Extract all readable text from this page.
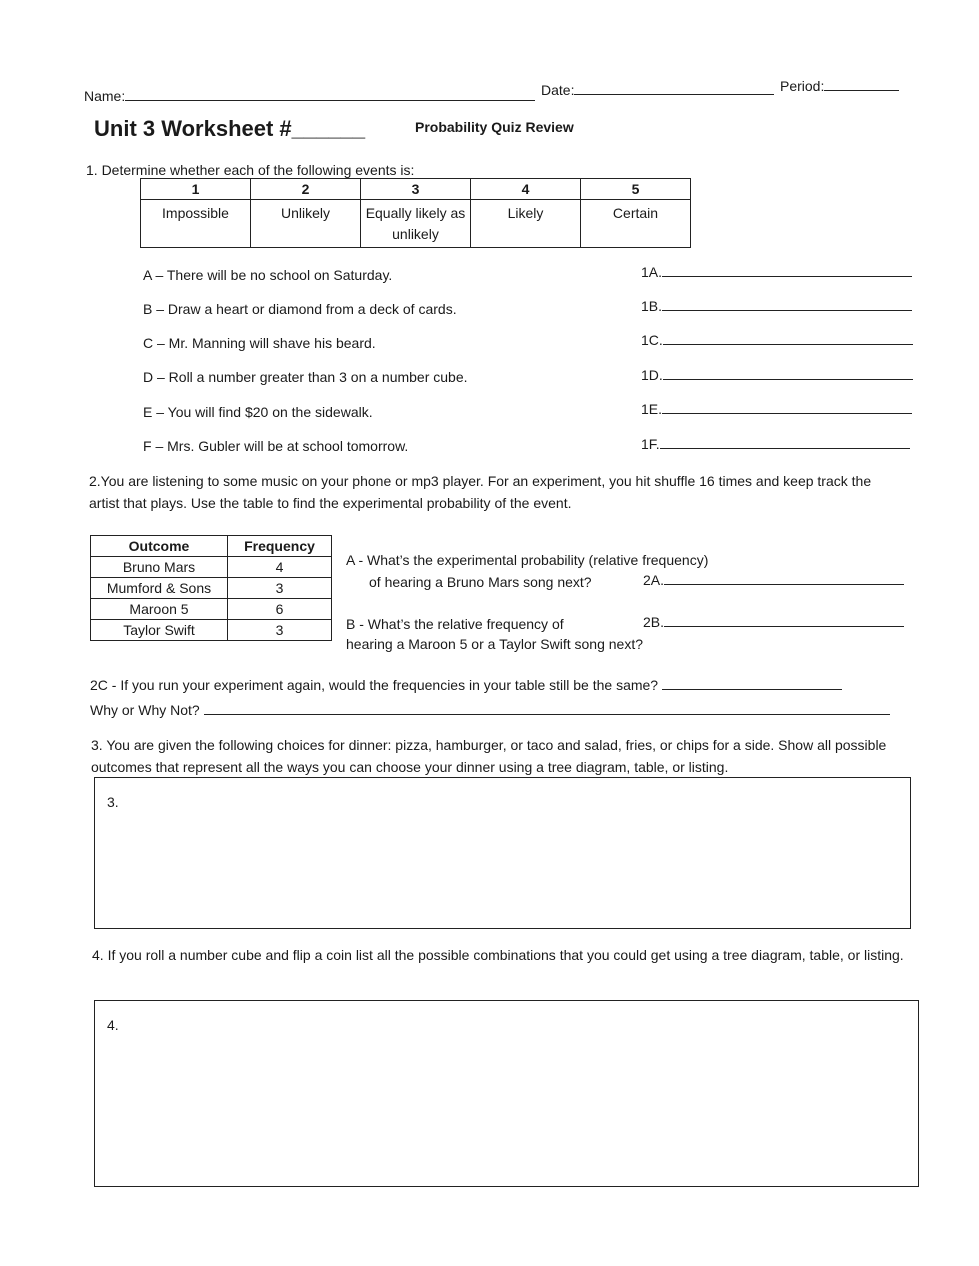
Name:	Date:	Period:
Unit 3 Worksheet #______	Probability Quiz Review
1. Determine whether each of the following events is:
1	2	3	4	5
Impossible	Unlikely	Equally likely as unlikely	Likely	Certain
A – There will be no school on Saturday.
B – Draw a heart or diamond from a deck of cards.
C – Mr. Manning will shave his beard.
D – Roll a number greater than 3 on a number cube.
E – You will find $20 on the sidewalk.
F – Mrs. Gubler will be at school tomorrow.
1A.
1B.
1C.
1D.
1E.
1F.
2.You are listening to some music on your phone or mp3 player. For an experiment, you hit shuffle 16 times and keep track the artist that plays. Use the table to find the experimental probability of the event.
Outcome	Frequency
Bruno Mars	4
Mumford & Sons	3
Maroon 5	6
Taylor Swift	3
A - What’s the experimental probability (relative frequency)
of hearing a Bruno Mars song next?	2A.
B - What’s the relative frequency of	2B.
hearing a Maroon 5 or a Taylor Swift song next?
2C - If you run your experiment again, would the frequencies in your table still be the same?
Why or Why Not?
3. You are given the following choices for dinner: pizza, hamburger, or taco and salad, fries, or chips for a side. Show all possible outcomes that represent all the ways you can choose your dinner using a tree diagram, table, or listing.
3.
4. If you roll a number cube and flip a coin list all the possible combinations that you could get using a tree diagram, table, or listing.
4.
